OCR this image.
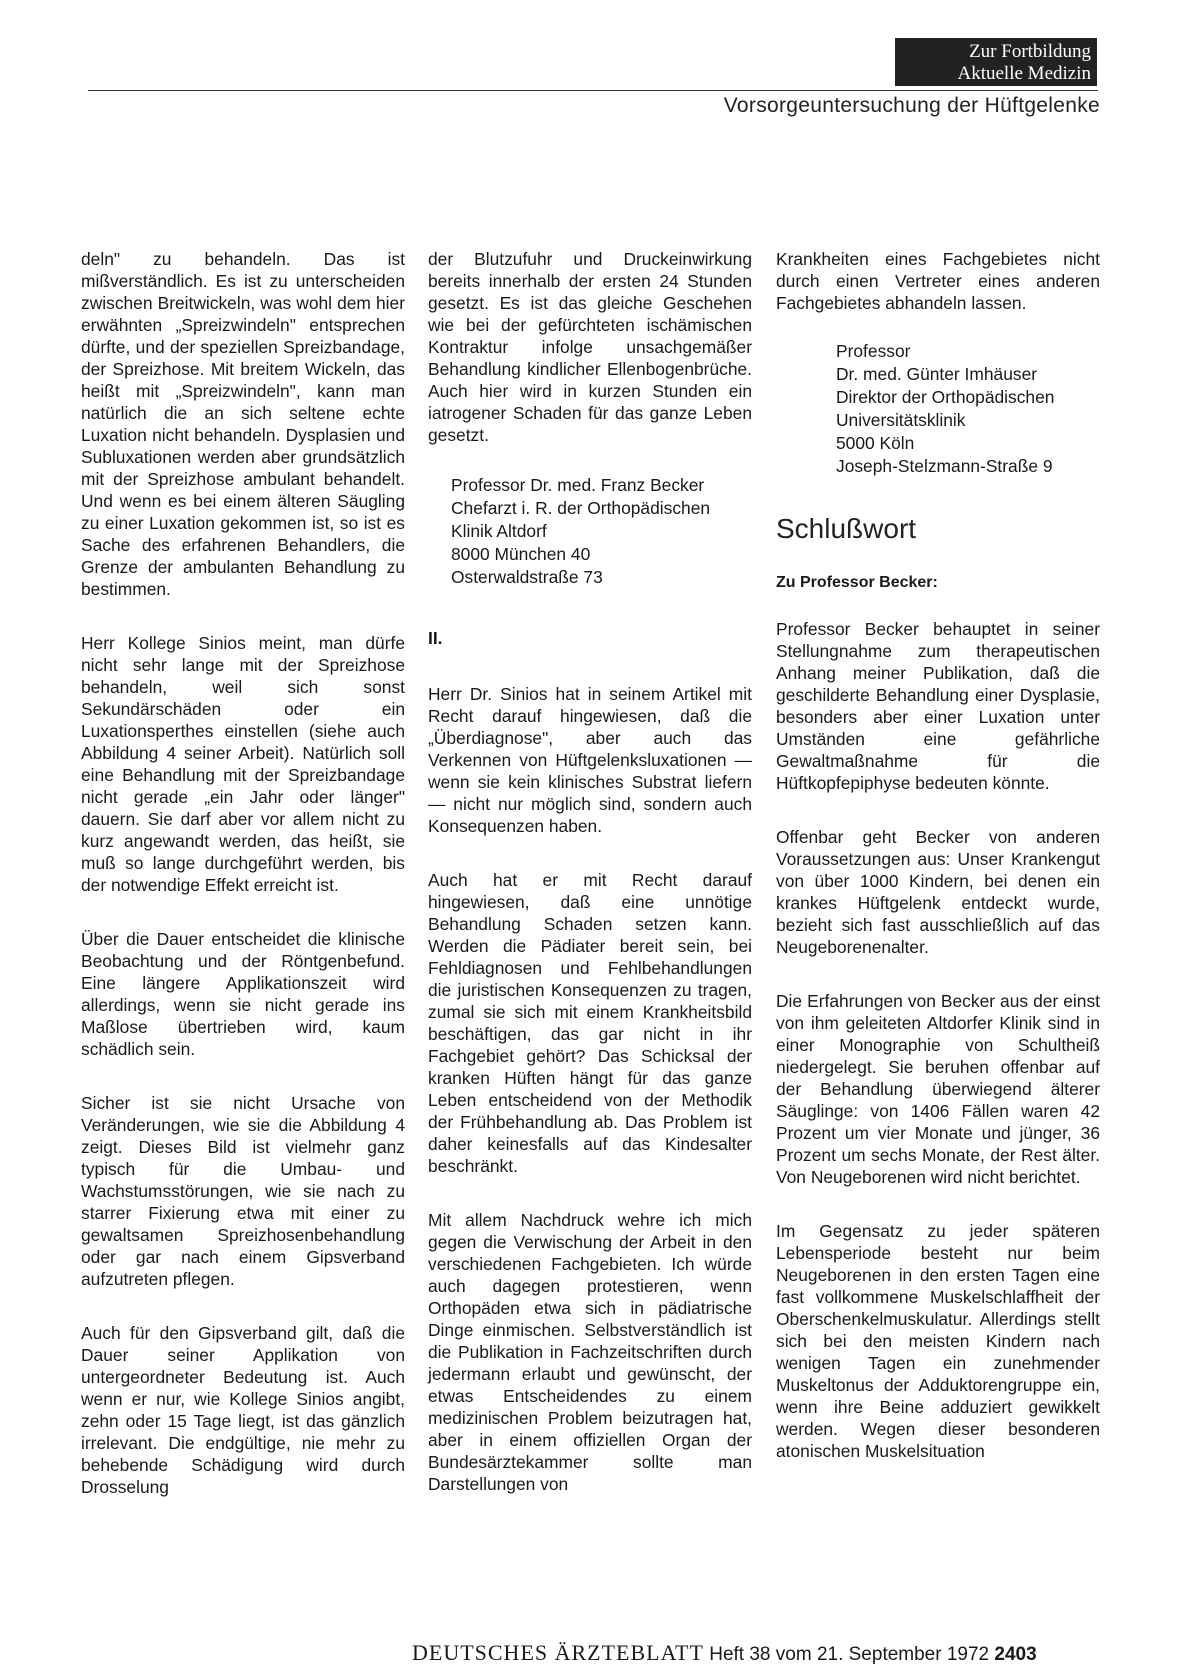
Zur Fortbildung
Aktuelle Medizin
Vorsorgeuntersuchung der Hüftgelenke

deln" zu behandeln. Das ist mißverständlich. Es ist zu unterscheiden zwischen Breitwickeln, was wohl dem hier erwähnten „Spreizwindeln" entsprechen dürfte, und der speziellen Spreizbandage, der Spreizhose. Mit breitem Wickeln, das heißt mit „Spreizwindeln", kann man natürlich die an sich seltene echte Luxation nicht behandeln. Dysplasien und Subluxationen werden aber grundsätzlich mit der Spreizhose ambulant behandelt. Und wenn es bei einem älteren Säugling zu einer Luxation gekommen ist, so ist es Sache des erfahrenen Behandlers, die Grenze der ambulanten Behandlung zu bestimmen.

Herr Kollege Sinios meint, man dürfe nicht sehr lange mit der Spreizhose behandeln, weil sich sonst Sekundärschäden oder ein Luxationsperthes einstellen (siehe auch Abbildung 4 seiner Arbeit). Natürlich soll eine Behandlung mit der Spreizbandage nicht gerade „ein Jahr oder länger" dauern. Sie darf aber vor allem nicht zu kurz angewandt werden, das heißt, sie muß so lange durchgeführt werden, bis der notwendige Effekt erreicht ist.

Über die Dauer entscheidet die klinische Beobachtung und der Röntgenbefund. Eine längere Applikationszeit wird allerdings, wenn sie nicht gerade ins Maßlose übertrieben wird, kaum schädlich sein.

Sicher ist sie nicht Ursache von Veränderungen, wie sie die Abbildung 4 zeigt. Dieses Bild ist vielmehr ganz typisch für die Umbau- und Wachstumsstörungen, wie sie nach zu starrer Fixierung etwa mit einer zu gewaltsamen Spreizhosenbehandlung oder gar nach einem Gipsverband aufzutreten pflegen.

Auch für den Gipsverband gilt, daß die Dauer seiner Applikation von untergeordneter Bedeutung ist. Auch wenn er nur, wie Kollege Sinios angibt, zehn oder 15 Tage liegt, ist das gänzlich irrelevant. Die endgültige, nie mehr zu behebende Schädigung wird durch Drosselung

der Blutzufuhr und Druckeinwirkung bereits innerhalb der ersten 24 Stunden gesetzt. Es ist das gleiche Geschehen wie bei der gefürchteten ischämischen Kontraktur infolge unsachgemäßer Behandlung kindlicher Ellenbogenbrüche. Auch hier wird in kurzen Stunden ein iatrogener Schaden für das ganze Leben gesetzt.

Professor Dr. med. Franz Becker
Chefarzt i. R. der Orthopädischen
Klinik Altdorf
8000 München 40
Osterwaldstraße 73
II.

Herr Dr. Sinios hat in seinem Artikel mit Recht darauf hingewiesen, daß die „Überdiagnose", aber auch das Verkennen von Hüftgelenksluxationen — wenn sie kein klinisches Substrat liefern — nicht nur möglich sind, sondern auch Konsequenzen haben.

Auch hat er mit Recht darauf hingewiesen, daß eine unnötige Behandlung Schaden setzen kann. Werden die Pädiater bereit sein, bei Fehldiagnosen und Fehlbehandlungen die juristischen Konsequenzen zu tragen, zumal sie sich mit einem Krankheitsbild beschäftigen, das gar nicht in ihr Fachgebiet gehört? Das Schicksal der kranken Hüften hängt für das ganze Leben entscheidend von der Methodik der Frühbehandlung ab. Das Problem ist daher keinesfalls auf das Kindesalter beschränkt.

Mit allem Nachdruck wehre ich mich gegen die Verwischung der Arbeit in den verschiedenen Fachgebieten. Ich würde auch dagegen protestieren, wenn Orthopäden etwa sich in pädiatrische Dinge einmischen. Selbstverständlich ist die Publikation in Fachzeitschriften durch jedermann erlaubt und gewünscht, der etwas Entscheidendes zu einem medizinischen Problem beizutragen hat, aber in einem offiziellen Organ der Bundesärztekammer sollte man Darstellungen von

Krankheiten eines Fachgebietes nicht durch einen Vertreter eines anderen Fachgebietes abhandeln lassen.

Professor
Dr. med. Günter Imhäuser
Direktor der Orthopädischen
Universitätsklinik
5000 Köln
Joseph-Stelzmann-Straße 9
Schlußwort
Zu Professor Becker:

Professor Becker behauptet in seiner Stellungnahme zum therapeutischen Anhang meiner Publikation, daß die geschilderte Behandlung einer Dysplasie, besonders aber einer Luxation unter Umständen eine gefährliche Gewaltmaßnahme für die Hüftkopfepiphyse bedeuten könnte.

Offenbar geht Becker von anderen Voraussetzungen aus: Unser Krankengut von über 1000 Kindern, bei denen ein krankes Hüftgelenk entdeckt wurde, bezieht sich fast ausschließlich auf das Neugeborenenalter.

Die Erfahrungen von Becker aus der einst von ihm geleiteten Altdorfer Klinik sind in einer Monographie von Schultheiß niedergelegt. Sie beruhen offenbar auf der Behandlung überwiegend älterer Säuglinge: von 1406 Fällen waren 42 Prozent um vier Monate und jünger, 36 Prozent um sechs Monate, der Rest älter. Von Neugeborenen wird nicht berichtet.

Im Gegensatz zu jeder späteren Lebensperiode besteht nur beim Neugeborenen in den ersten Tagen eine fast vollkommene Muskelschlaffheit der Oberschenkelmuskulatur. Allerdings stellt sich bei den meisten Kindern nach wenigen Tagen ein zunehmender Muskeltonus der Adduktorengruppe ein, wenn ihre Beine adduziert gewikkelt werden. Wegen dieser besonderen atonischen Muskelsituation

DEUTSCHES ÄRZTEBLATT Heft 38 vom 21. September 1972 2403
